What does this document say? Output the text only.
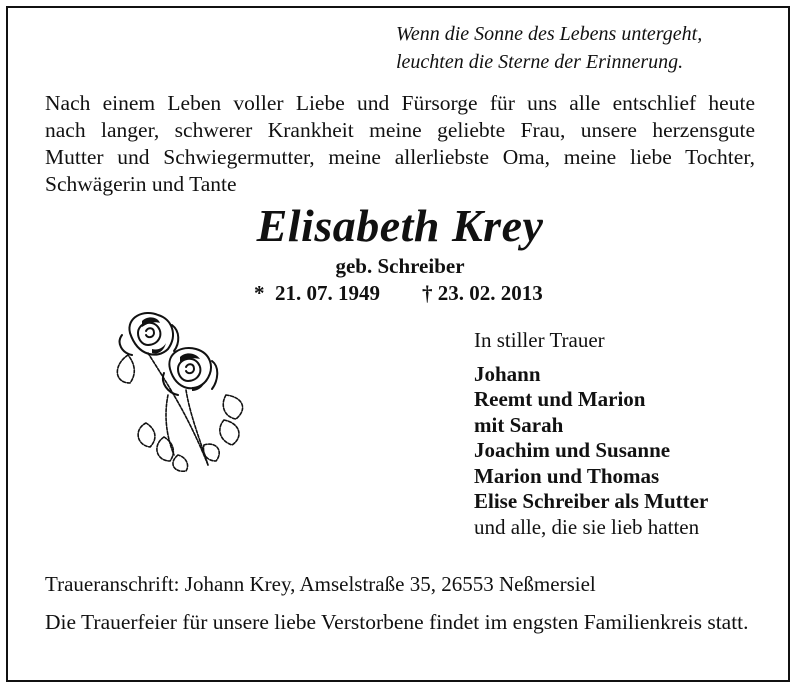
Wenn die Sonne des Lebens untergeht,
leuchten die Sterne der Erinnerung.
Nach einem Leben voller Liebe und Fürsorge für uns alle entschlief heute
nach langer, schwerer Krankheit meine geliebte Frau, unsere herzensgute
Mutter und Schwiegermutter, meine allerliebste Oma, meine liebe Tochter,
Schwägerin und Tante
Elisabeth Krey
geb. Schreiber
*  21. 07. 1949 † 23. 02. 2013
In stiller Trauer
Johann
Reemt und Marion
mit Sarah
Joachim und Susanne
Marion und Thomas
Elise Schreiber als Mutter
und alle, die sie lieb hatten
Traueranschrift: Johann Krey, Amselstraße 35, 26553 Neßmersiel
Die Trauerfeier für unsere liebe Verstorbene findet im engsten Familienkreis statt.
